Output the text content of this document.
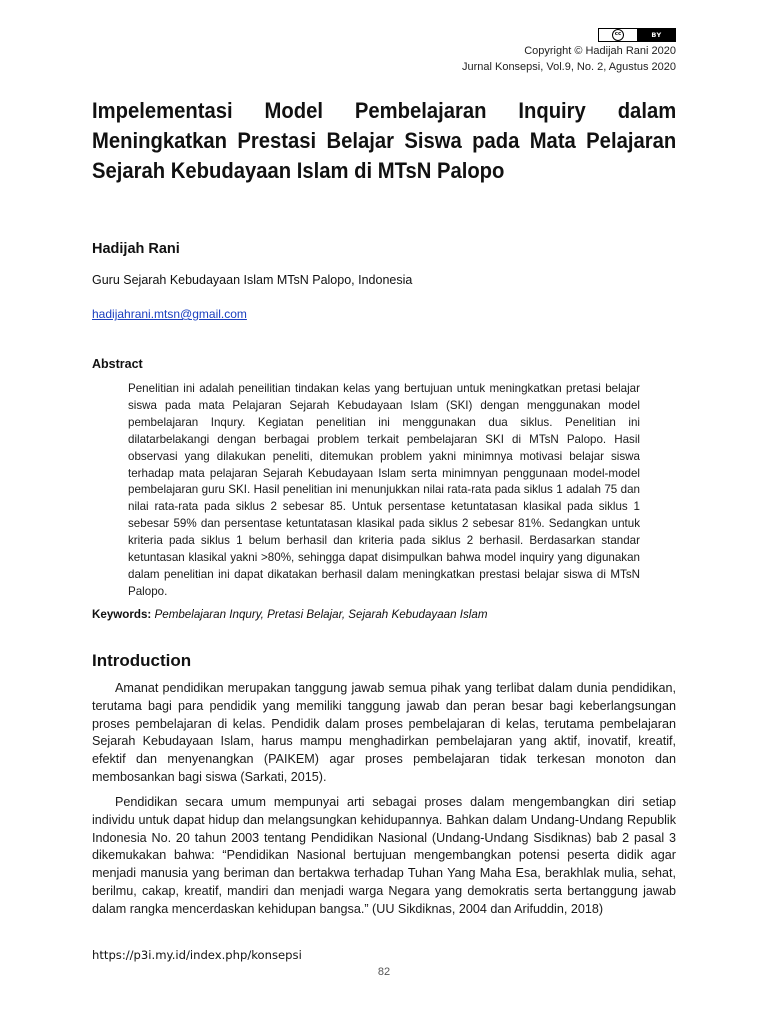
cc	BY
Copyright © Hadijah Rani 2020
Jurnal Konsepsi, Vol.9, No. 2, Agustus 2020
Impelementasi Model Pembelajaran Inquiry dalam Meningkatkan Prestasi Belajar Siswa pada Mata Pelajaran Sejarah Kebudayaan Islam di MTsN Palopo
Hadijah Rani
Guru Sejarah Kebudayaan Islam MTsN Palopo, Indonesia
hadijahrani.mtsn@gmail.com
Abstract
Penelitian ini adalah peneilitian tindakan kelas yang bertujuan untuk meningkatkan pretasi belajar siswa pada mata Pelajaran Sejarah Kebudayaan Islam (SKI) dengan menggunakan model pembelajaran Inqury. Kegiatan penelitian ini menggunakan dua siklus. Penelitian ini dilatarbelakangi dengan berbagai problem terkait pembelajaran SKI di MTsN Palopo. Hasil observasi yang dilakukan peneliti, ditemukan problem yakni minimnya motivasi belajar siswa terhadap mata pelajaran Sejarah Kebudayaan Islam serta minimnyan penggunaan model-model pembelajaran guru SKI. Hasil penelitian ini menunjukkan nilai rata-rata pada siklus 1 adalah 75 dan nilai rata-rata pada siklus 2 sebesar 85. Untuk persentase ketuntatasan klasikal pada siklus 1 sebesar 59% dan persentase ketuntatasan klasikal pada siklus 2 sebesar 81%. Sedangkan untuk kriteria pada siklus 1 belum berhasil dan kriteria pada siklus 2 berhasil. Berdasarkan standar ketuntasan klasikal yakni >80%, sehingga dapat disimpulkan bahwa model inquiry yang digunakan dalam penelitian ini dapat dikatakan berhasil dalam meningkatkan prestasi belajar siswa di MTsN Palopo.
Keywords: Pembelajaran Inqury, Pretasi Belajar, Sejarah Kebudayaan Islam
Introduction
Amanat pendidikan merupakan tanggung jawab semua pihak yang terlibat dalam dunia pendidikan, terutama bagi para pendidik yang memiliki tanggung jawab dan peran besar bagi keberlangsungan proses pembelajaran di kelas. Pendidik dalam proses pembelajaran di kelas, terutama pembelajaran Sejarah Kebudayaan Islam, harus mampu menghadirkan pembelajaran yang aktif, inovatif, kreatif, efektif dan menyenangkan (PAIKEM) agar proses pembelajaran tidak terkesan monoton dan membosankan bagi siswa (Sarkati, 2015).
Pendidikan secara umum mempunyai arti sebagai proses dalam mengembangkan diri setiap individu untuk dapat hidup dan melangsungkan kehidupannya. Bahkan dalam Undang-Undang Republik Indonesia No. 20 tahun 2003 tentang Pendidikan Nasional (Undang-Undang Sisdiknas) bab 2 pasal 3 dikemukakan bahwa: “Pendidikan Nasional bertujuan mengembangkan potensi peserta didik agar menjadi manusia yang beriman dan bertakwa terhadap Tuhan Yang Maha Esa, berakhlak mulia, sehat, berilmu, cakap, kreatif, mandiri dan menjadi warga Negara yang demokratis serta bertanggung jawab dalam rangka mencerdaskan kehidupan bangsa.” (UU Sikdiknas, 2004 dan Arifuddin, 2018)
https://p3i.my.id/index.php/konsepsi
82
